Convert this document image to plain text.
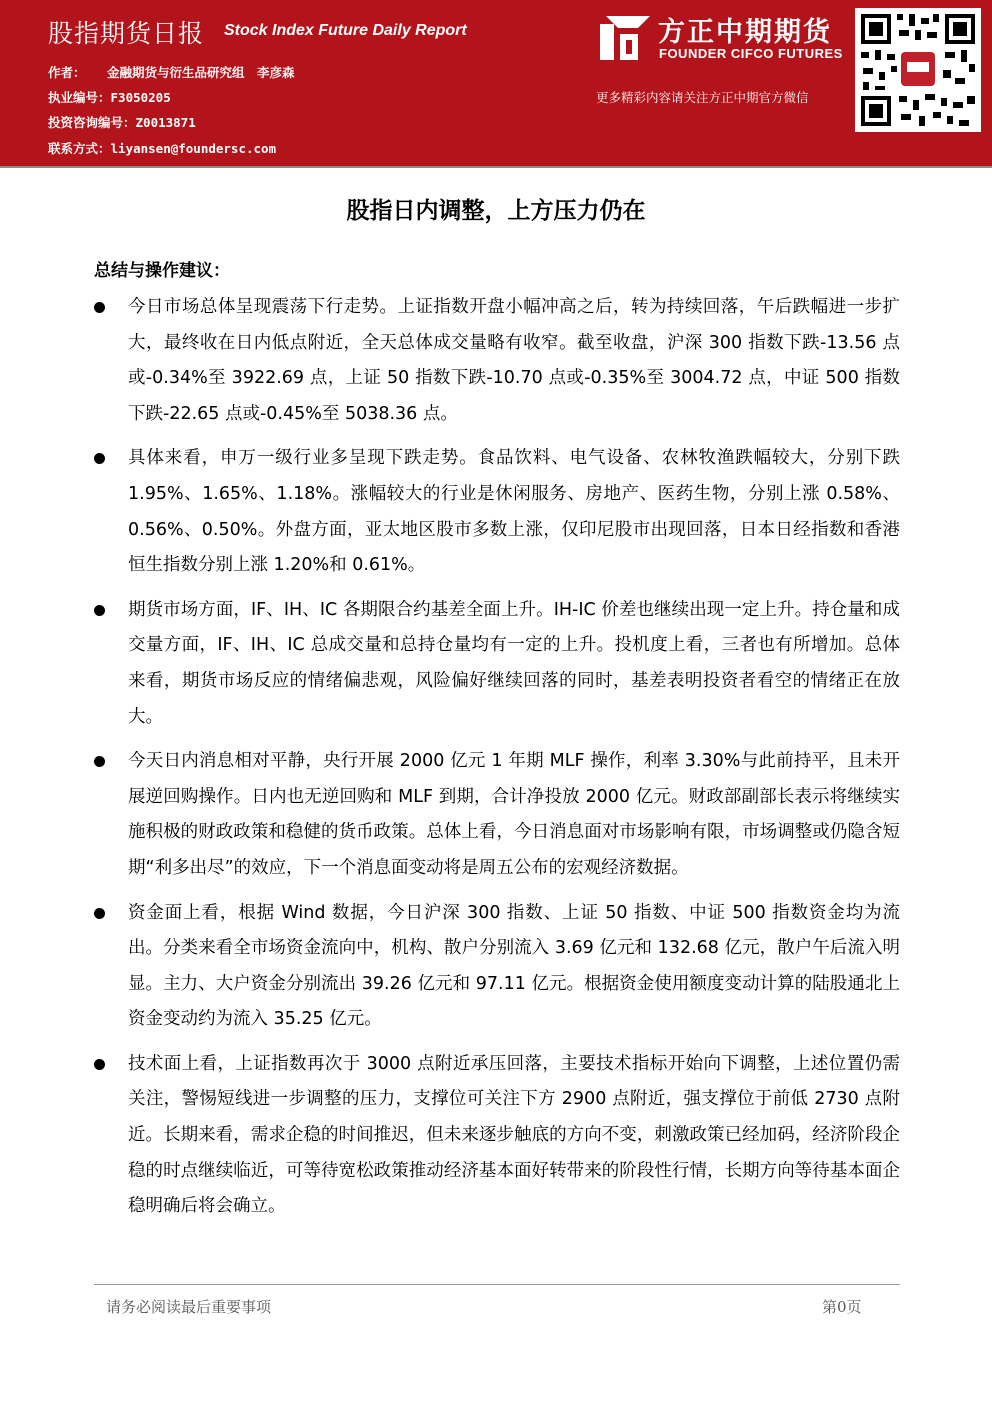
股指期货日报 Stock Index Future Daily Report
作者： 金融期货与衍生品研究组　李彦森
执业编号：F3050205
投资咨询编号：Z0013871
联系方式：liyansen@foundersc.com
方正中期期货
FOUNDER CIFCO FUTURES
更多精彩内容请关注方正中期官方微信
股指日内调整，上方压力仍在
总结与操作建议：
今日市场总体呈现震荡下行走势。上证指数开盘小幅冲高之后，转为持续回落，午后跌幅进一步扩大，最终收在日内低点附近，全天总体成交量略有收窄。截至收盘，沪深 300 指数下跌-13.56 点或-0.34%至 3922.69 点，上证 50 指数下跌-10.70 点或-0.35%至 3004.72 点，中证 500 指数下跌-22.65 点或-0.45%至 5038.36 点。
具体来看，申万一级行业多呈现下跌走势。食品饮料、电气设备、农林牧渔跌幅较大，分别下跌 1.95%、1.65%、1.18%。涨幅较大的行业是休闲服务、房地产、医药生物，分别上涨 0.58%、0.56%、0.50%。外盘方面，亚太地区股市多数上涨，仅印尼股市出现回落，日本日经指数和香港恒生指数分别上涨 1.20%和 0.61%。
期货市场方面，IF、IH、IC 各期限合约基差全面上升。IH-IC 价差也继续出现一定上升。持仓量和成交量方面，IF、IH、IC 总成交量和总持仓量均有一定的上升。投机度上看，三者也有所增加。总体来看，期货市场反应的情绪偏悲观，风险偏好继续回落的同时，基差表明投资者看空的情绪正在放大。
今天日内消息相对平静，央行开展 2000 亿元 1 年期 MLF 操作，利率 3.30%与此前持平，且未开展逆回购操作。日内也无逆回购和 MLF 到期，合计净投放 2000 亿元。财政部副部长表示将继续实施积极的财政政策和稳健的货币政策。总体上看，今日消息面对市场影响有限，市场调整或仍隐含短期“利多出尽”的效应，下一个消息面变动将是周五公布的宏观经济数据。
资金面上看，根据 Wind 数据，今日沪深 300 指数、上证 50 指数、中证 500 指数资金均为流出。分类来看全市场资金流向中，机构、散户分别流入 3.69 亿元和 132.68 亿元，散户午后流入明显。主力、大户资金分别流出 39.26 亿元和 97.11 亿元。根据资金使用额度变动计算的陆股通北上资金变动约为流入 35.25 亿元。
技术面上看，上证指数再次于 3000 点附近承压回落，主要技术指标开始向下调整，上述位置仍需关注，警惕短线进一步调整的压力，支撑位可关注下方 2900 点附近，强支撑位于前低 2730 点附近。长期来看，需求企稳的时间推迟，但未来逐步触底的方向不变，刺激政策已经加码，经济阶段企稳的时点继续临近，可等待宽松政策推动经济基本面好转带来的阶段性行情，长期方向等待基本面企稳明确后将会确立。
请务必阅读最后重要事项	第0页
